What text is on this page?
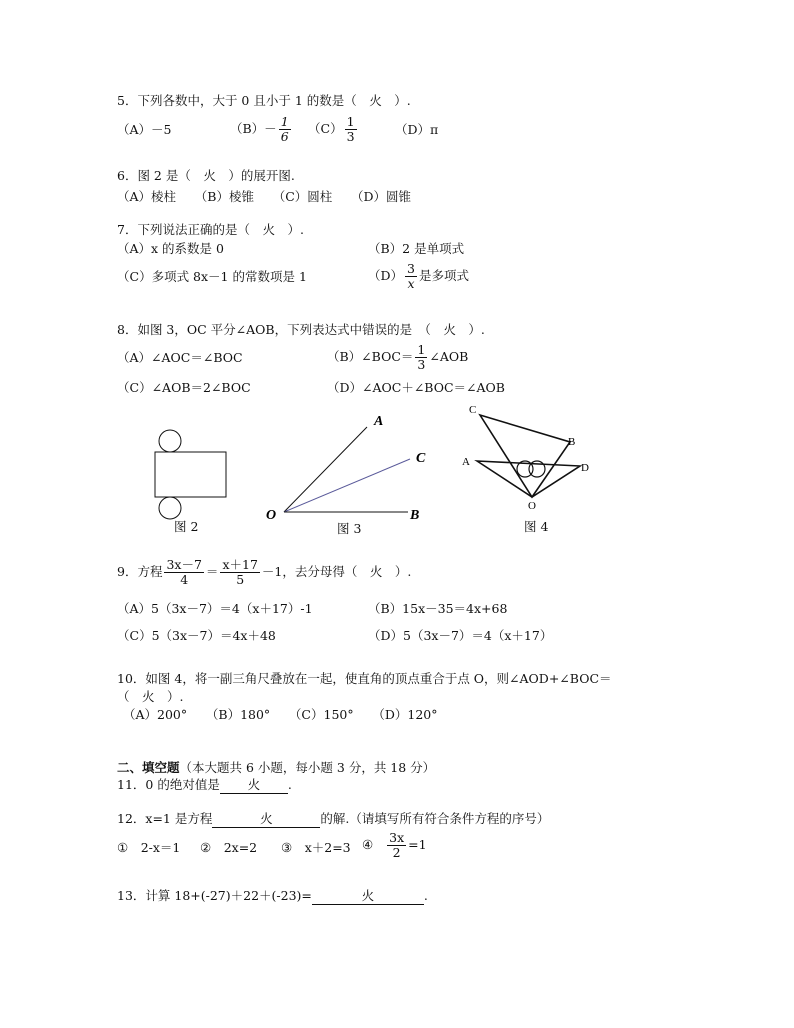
5．下列各数中，大于 0 且小于 1 的数是（　火　）.
（A）－5	$(B)- \frac{1}{6} (C) \frac{1}{3}$	（D）π
6．图 2 是（　火　）的展开图.
（A）棱柱　　（B）棱锥　　（C）圆柱　　（D）圆锥
7．下列说法正确的是（　火　）.
（A）x 的系数是 0	（B）2 是单项式
（C）多项式 8x－1 的常数项是 1	$(D) \frac{3}{x}$ 是多项式
8．如图 3，OC 平分∠AOB，下列表达式中错误的是　（　火　）.
（A）∠AOC＝∠BOC	（B）∠BOC＝ $\frac{1}{3}$ ∠AOB
（C）∠AOB＝2∠BOC	（D）∠AOC＋∠BOC＝∠AOB
图 2
A
C
O	B
图 3
C
B
A	D
O
图 4
9．方程 $\frac{3x-7}{4} = \frac{x+17}{5} -1$，去分母得（　火　）.
（A）5（3x－7）＝4（x＋17）-1	（B）15x－35＝4x+68
（C）5（3x－7）＝4x＋48	（D）5（3x－7）＝4（x＋17）
10．如图 4，将一副三角尺叠放在一起，使直角的顶点重合于点 O，则∠AOD+∠BOC＝
（　火　）.
（A）200°　　（B）180°　　（C）150°　　（D）120°
二、填空题（本大题共 6 小题，每小题 3 分，共 18 分）
11．0 的绝对值是 火 .
12．x=1 是方程	火	的解.（请填写所有符合条件方程的序号）
①　2-x＝1 ②　2x=2 ③　x＋2=3 ④ $\frac{3x}{2} =1$
13．计算 18+(-27)＋22＋(-23)=	火	.
